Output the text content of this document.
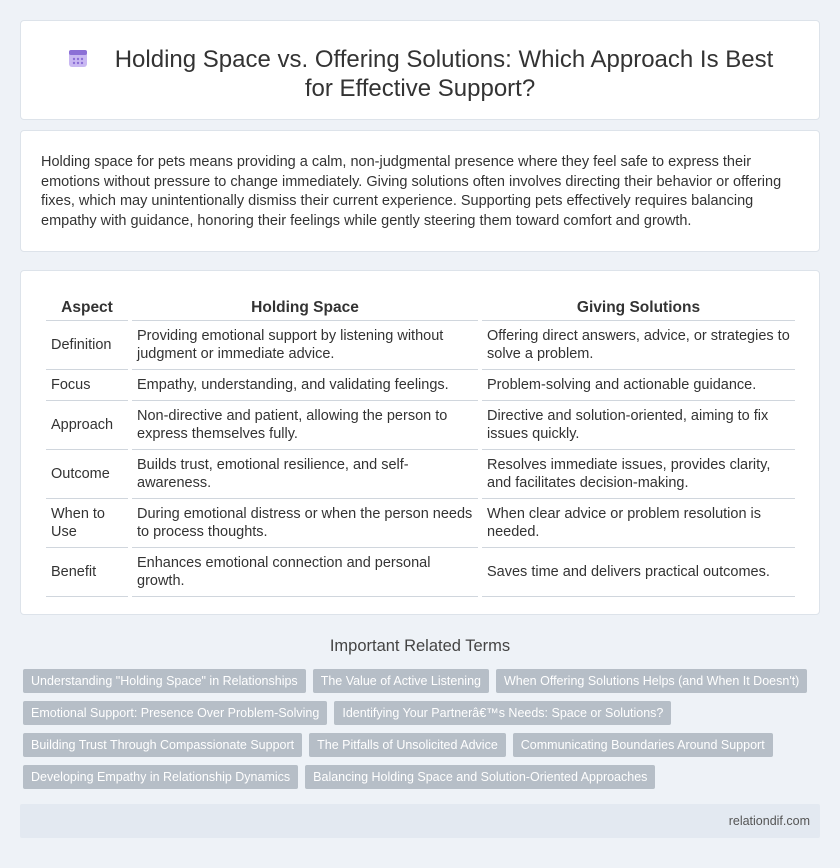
Holding Space vs. Offering Solutions: Which Approach Is Best for Effective Support?

Holding space for pets means providing a calm, non-judgmental presence where they feel safe to express their emotions without pressure to change immediately. Giving solutions often involves directing their behavior or offering fixes, which may unintentionally dismiss their current experience. Supporting pets effectively requires balancing empathy with guidance, honoring their feelings while gently steering them toward comfort and growth.

Aspect	Holding Space	Giving Solutions
Definition	Providing emotional support by listening without judgment or immediate advice.	Offering direct answers, advice, or strategies to solve a problem.
Focus	Empathy, understanding, and validating feelings.	Problem-solving and actionable guidance.
Approach	Non-directive and patient, allowing the person to express themselves fully.	Directive and solution-oriented, aiming to fix issues quickly.
Outcome	Builds trust, emotional resilience, and self-awareness.	Resolves immediate issues, provides clarity, and facilitates decision-making.
When to Use	During emotional distress or when the person needs to process thoughts.	When clear advice or problem resolution is needed.
Benefit	Enhances emotional connection and personal growth.	Saves time and delivers practical outcomes.
Important Related Terms
Understanding "Holding Space" in Relationships	The Value of Active Listening	When Offering Solutions Helps (and When It Doesn't)
Emotional Support: Presence Over Problem-Solving	Identifying Your Partnerâ€™s Needs: Space or Solutions?
Building Trust Through Compassionate Support	The Pitfalls of Unsolicited Advice	Communicating Boundaries Around Support
Developing Empathy in Relationship Dynamics	Balancing Holding Space and Solution-Oriented Approaches
relationdif.com
